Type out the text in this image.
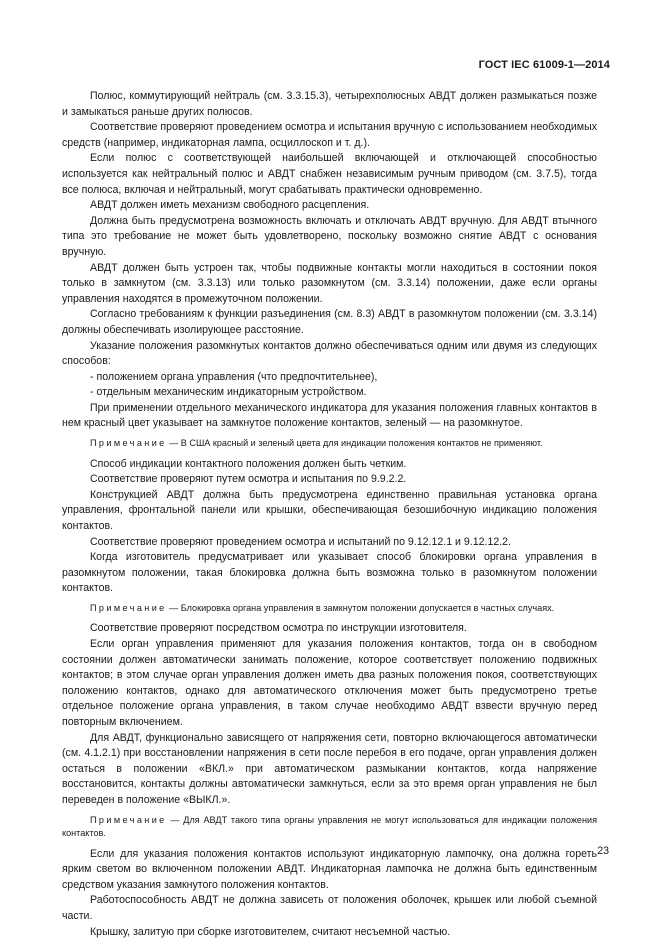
ГОСТ IEC 61009-1—2014

Полюс, коммутирующий нейтраль (см. 3.3.15.3), четырехполюсных АВДТ должен размыкаться позже и замыкаться раньше других полюсов.

Соответствие проверяют проведением осмотра и испытания вручную с использованием необходимых средств (например, индикаторная лампа, осциллоскоп и т. д.).

Если полюс с соответствующей наибольшей включающей и отключающей способностью используется как нейтральный полюс и АВДТ снабжен независимым ручным приводом (см. 3.7.5), тогда все полюса, включая и нейтральный, могут срабатывать практически одновременно.

АВДТ должен иметь механизм свободного расцепления.

Должна быть предусмотрена возможность включать и отключать АВДТ вручную. Для АВДТ втычного типа это требование не может быть удовлетворено, поскольку возможно снятие АВДТ с основания вручную.

АВДТ должен быть устроен так, чтобы подвижные контакты могли находиться в состоянии покоя только в замкнутом (см. 3.3.13) или только разомкнутом (см. 3.3.14) положении, даже если органы управления находятся в промежуточном положении.

Согласно требованиям к функции разъединения (см. 8.3) АВДТ в разомкнутом положении (см. 3.3.14) должны обеспечивать изолирующее расстояние.

Указание положения разомкнутых контактов должно обеспечиваться одним или двумя из следующих способов:

- положением органа управления (что предпочтительнее),

- отдельным механическим индикаторным устройством.

При применении отдельного механического индикатора для указания положения главных контактов в нем красный цвет указывает на замкнутое положение контактов, зеленый — на разомкнутое.

Примечание — В США красный и зеленый цвета для индикации положения контактов не применяют.

Способ индикации контактного положения должен быть четким.

Соответствие проверяют путем осмотра и испытания по 9.9.2.2.

Конструкцией АВДТ должна быть предусмотрена единственно правильная установка органа управления, фронтальной панели или крышки, обеспечивающая безошибочную индикацию положения контактов.

Соответствие проверяют проведением осмотра и испытаний по 9.12.12.1 и 9.12.12.2.

Когда изготовитель предусматривает или указывает способ блокировки органа управления в разомкнутом положении, такая блокировка должна быть возможна только в разомкнутом положении контактов.

Примечание — Блокировка органа управления в замкнутом положении допускается в частных случаях.

Соответствие проверяют посредством осмотра по инструкции изготовителя.

Если орган управления применяют для указания положения контактов, тогда он в свободном состоянии должен автоматически занимать положение, которое соответствует положению подвижных контактов; в этом случае орган управления должен иметь два разных положения покоя, соответствующих положению контактов, однако для автоматического отключения может быть предусмотрено третье отдельное положение органа управления, в таком случае необходимо АВДТ взвести вручную перед повторным включением.

Для АВДТ, функционально зависящего от напряжения сети, повторно включающегося автоматически (см. 4.1.2.1) при восстановлении напряжения в сети после перебоя в его подаче, орган управления должен остаться в положении «ВКЛ.» при автоматическом размыкании контактов, когда напряжение восстановится, контакты должны автоматически замкнуться, если за это время орган управления не был переведен в положение «ВЫКЛ.».

Примечание — Для АВДТ такого типа органы управления не могут использоваться для индикации положения контактов.

Если для указания положения контактов используют индикаторную лампочку, она должна гореть ярким светом во включенном положении АВДТ. Индикаторная лампочка не должна быть единственным средством указания замкнутого положения контактов.

Работоспособность АВДТ не должна зависеть от положения оболочек, крышек или любой съемной части.

Крышку, залитую при сборке изготовителем, считают несъемной частью.

23
